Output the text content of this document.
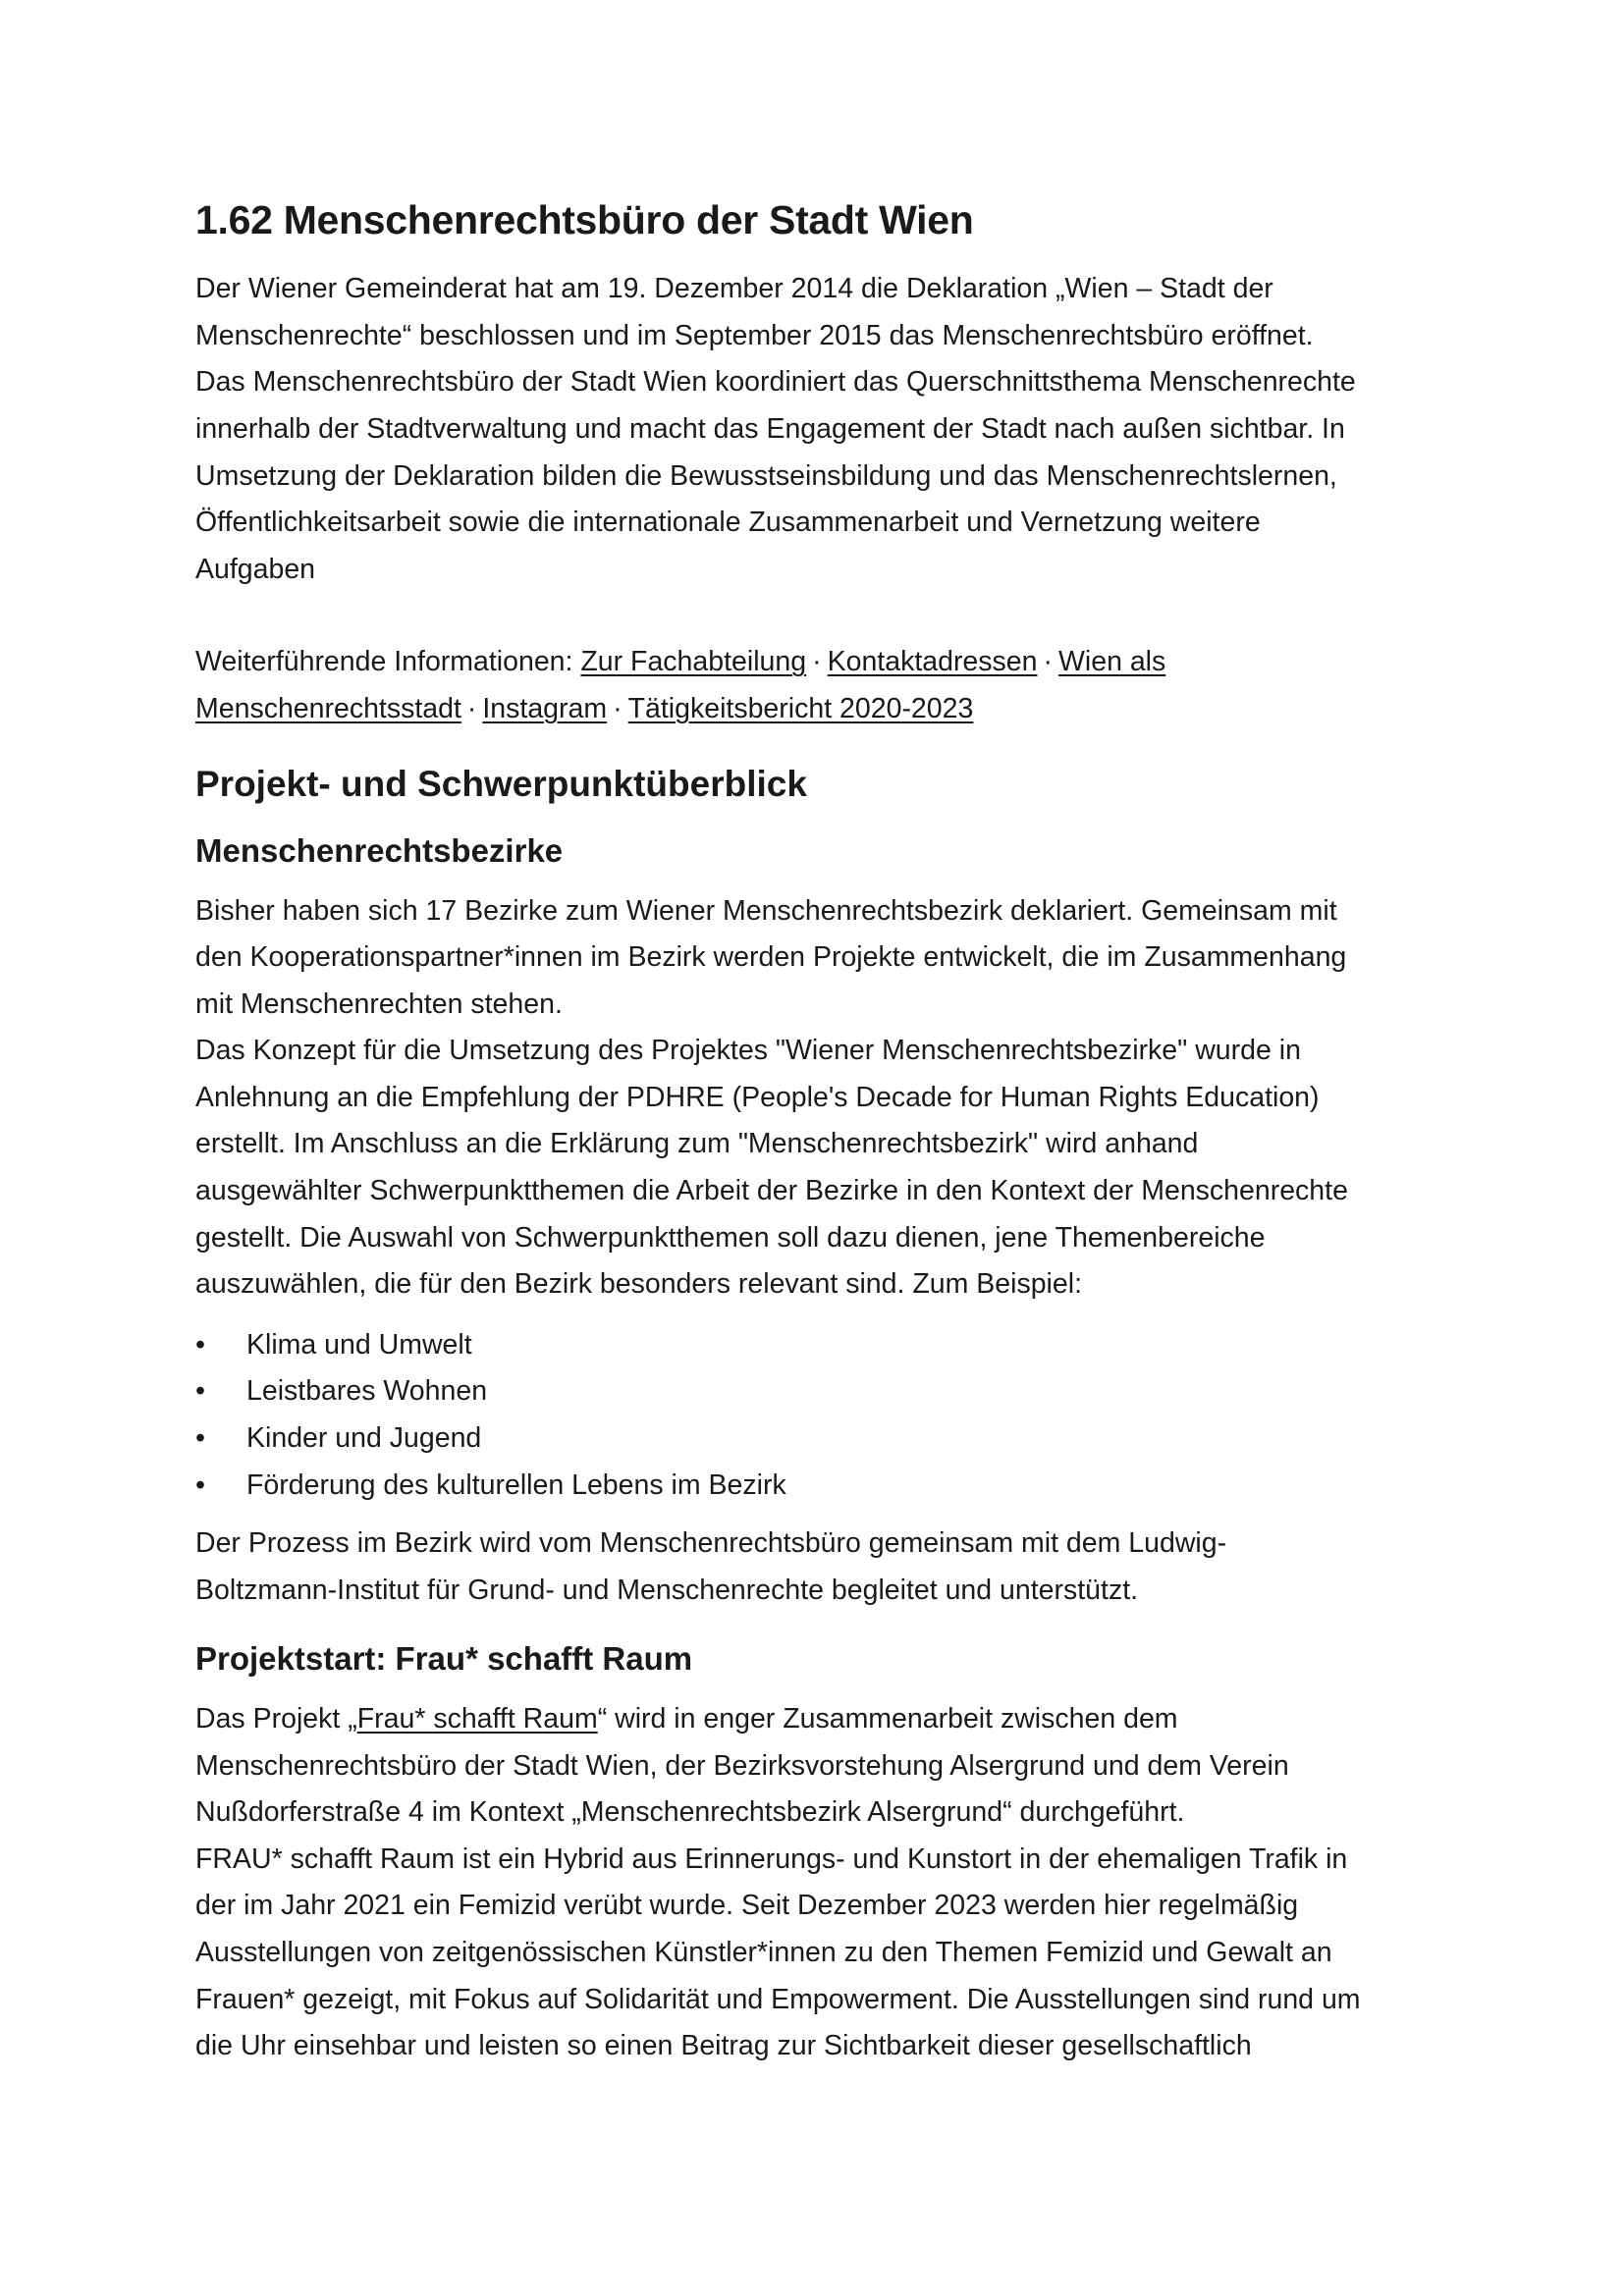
1.62 Menschenrechtsbüro der Stadt Wien

Der Wiener Gemeinderat hat am 19. Dezember 2014 die Deklaration „Wien – Stadt der
Menschenrechte“ beschlossen und im September 2015 das Menschenrechtsbüro eröffnet.
Das Menschenrechtsbüro der Stadt Wien koordiniert das Querschnittsthema Menschenrechte
innerhalb der Stadtverwaltung und macht das Engagement der Stadt nach außen sichtbar. In
Umsetzung der Deklaration bilden die Bewusstseinsbildung und das Menschenrechtslernen,
Öffentlichkeitsarbeit sowie die internationale Zusammenarbeit und Vernetzung weitere
Aufgaben

Weiterführende Informationen: Zur Fachabteilung · Kontaktadressen · Wien als
Menschenrechtsstadt · Instagram · Tätigkeitsbericht 2020-2023

Projekt- und Schwerpunktüberblick
Menschenrechtsbezirke

Bisher haben sich 17 Bezirke zum Wiener Menschenrechtsbezirk deklariert. Gemeinsam mit
den Kooperationspartner*innen im Bezirk werden Projekte entwickelt, die im Zusammenhang
mit Menschenrechten stehen.
Das Konzept für die Umsetzung des Projektes "Wiener Menschenrechtsbezirke" wurde in
Anlehnung an die Empfehlung der PDHRE (People's Decade for Human Rights Education)
erstellt. Im Anschluss an die Erklärung zum "Menschenrechtsbezirk" wird anhand
ausgewählter Schwerpunktthemen die Arbeit der Bezirke in den Kontext der Menschenrechte
gestellt. Die Auswahl von Schwerpunktthemen soll dazu dienen, jene Themenbereiche
auszuwählen, die für den Bezirk besonders relevant sind. Zum Beispiel:

•	Klima und Umwelt
•	Leistbares Wohnen
•	Kinder und Jugend
•	Förderung des kulturellen Lebens im Bezirk

Der Prozess im Bezirk wird vom Menschenrechtsbüro gemeinsam mit dem Ludwig-
Boltzmann-Institut für Grund- und Menschenrechte begleitet und unterstützt.

Projektstart: Frau* schafft Raum

Das Projekt „Frau* schafft Raum“ wird in enger Zusammenarbeit zwischen dem
Menschenrechtsbüro der Stadt Wien, der Bezirksvorstehung Alsergrund und dem Verein
Nußdorferstraße 4 im Kontext „Menschenrechtsbezirk Alsergrund“ durchgeführt.
FRAU* schafft Raum ist ein Hybrid aus Erinnerungs- und Kunstort in der ehemaligen Trafik in
der im Jahr 2021 ein Femizid verübt wurde. Seit Dezember 2023 werden hier regelmäßig
Ausstellungen von zeitgenössischen Künstler*innen zu den Themen Femizid und Gewalt an
Frauen* gezeigt, mit Fokus auf Solidarität und Empowerment. Die Ausstellungen sind rund um
die Uhr einsehbar und leisten so einen Beitrag zur Sichtbarkeit dieser gesellschaftlich
